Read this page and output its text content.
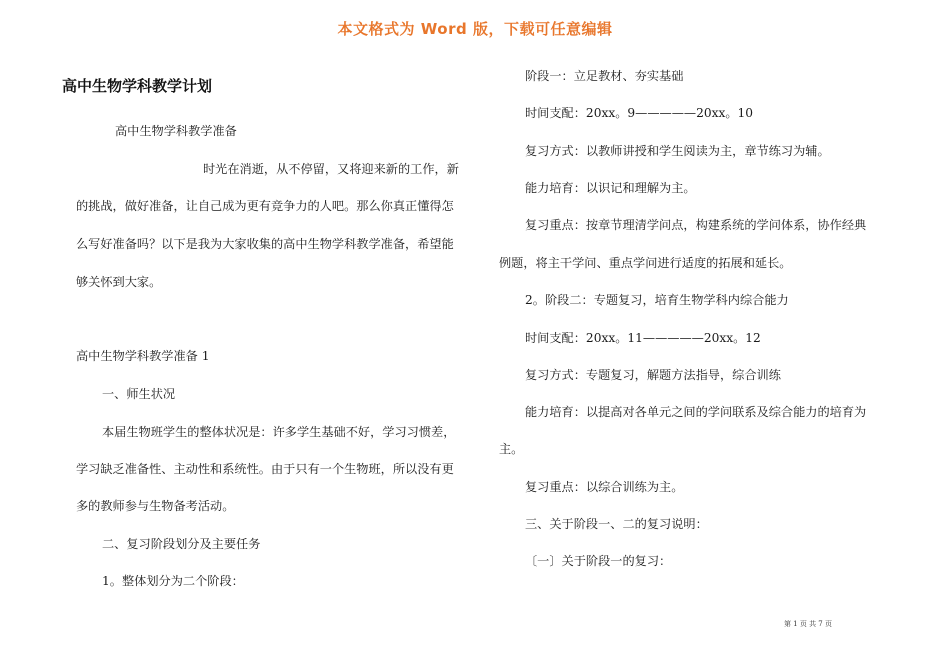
本文格式为 Word 版，下载可任意编辑
高中生物学科教学计划
高中生物学科教学准备
时光在消逝，从不停留，又将迎来新的工作，新
的挑战，做好准备，让自己成为更有竞争力的人吧。那么你真正懂得怎
么写好准备吗？以下是我为大家收集的高中生物学科教学准备，希望能
够关怀到大家。
高中生物学科教学准备 1
一、师生状况
本届生物班学生的整体状况是：许多学生基础不好，学习习惯差，
学习缺乏准备性、主动性和系统性。由于只有一个生物班，所以没有更
多的教师参与生物备考活动。
二、复习阶段划分及主要任务
1。整体划分为二个阶段：
阶段一：立足教材、夯实基础
时间支配：20xx。9—————20xx。10
复习方式：以教师讲授和学生阅读为主，章节练习为辅。
能力培育：以识记和理解为主。
复习重点：按章节理清学问点，构建系统的学问体系，协作经典
例题，将主干学问、重点学问进行适度的拓展和延长。
2。阶段二：专题复习，培育生物学科内综合能力
时间支配：20xx。11—————20xx。12
复习方式：专题复习，解题方法指导，综合训练
能力培育：以提高对各单元之间的学问联系及综合能力的培育为
主。
复习重点：以综合训练为主。
三、关于阶段一、二的复习说明：
〔一〕关于阶段一的复习：
第 1 页 共 7 页
